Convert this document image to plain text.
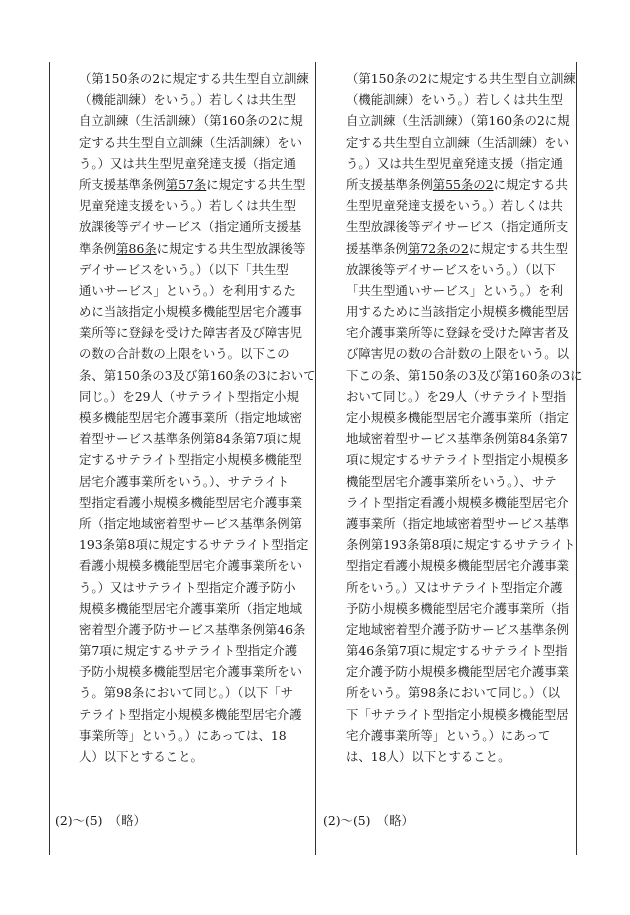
（第150条の2に規定する共生型自立訓練
（機能訓練）をいう。）若しくは共生型
自立訓練（生活訓練）（第160条の2に規
定する共生型自立訓練（生活訓練）をい
う。）又は共生型児童発達支援（指定通
所支援基準条例第57条に規定する共生型
児童発達支援をいう。）若しくは共生型
放課後等デイサービス（指定通所支援基
準条例第86条に規定する共生型放課後等
デイサービスをいう。）（以下「共生型
通いサービス」という。）を利用するた
めに当該指定小規模多機能型居宅介護事
業所等に登録を受けた障害者及び障害児
の数の合計数の上限をいう。以下この
条、第150条の3及び第160条の3において
同じ。）を29人（サテライト型指定小規
模多機能型居宅介護事業所（指定地域密
着型サービス基準条例第84条第7項に規
定するサテライト型指定小規模多機能型
居宅介護事業所をいう。）、サテライト
型指定看護小規模多機能型居宅介護事業
所（指定地域密着型サービス基準条例第
193条第8項に規定するサテライト型指定
看護小規模多機能型居宅介護事業所をい
う。）又はサテライト型指定介護予防小
規模多機能型居宅介護事業所（指定地域
密着型介護予防サービス基準条例第46条
第7項に規定するサテライト型指定介護
予防小規模多機能型居宅介護事業所をい
う。第98条において同じ。）（以下「サ
テライト型指定小規模多機能型居宅介護
事業所等」という。）にあっては、18
人）以下とすること。
（第150条の2に規定する共生型自立訓練
（機能訓練）をいう。）若しくは共生型
自立訓練（生活訓練）（第160条の2に規
定する共生型自立訓練（生活訓練）をい
う。）又は共生型児童発達支援（指定通
所支援基準条例第55条の2に規定する共
生型児童発達支援をいう。）若しくは共
生型放課後等デイサービス（指定通所支
援基準条例第72条の2に規定する共生型
放課後等デイサービスをいう。）（以下
「共生型通いサービス」という。）を利
用するために当該指定小規模多機能型居
宅介護事業所等に登録を受けた障害者及
び障害児の数の合計数の上限をいう。以
下この条、第150条の3及び第160条の3に
おいて同じ。）を29人（サテライト型指
定小規模多機能型居宅介護事業所（指定
地域密着型サービス基準条例第84条第7
項に規定するサテライト型指定小規模多
機能型居宅介護事業所をいう。）、サテ
ライト型指定看護小規模多機能型居宅介
護事業所（指定地域密着型サービス基準
条例第193条第8項に規定するサテライト
型指定看護小規模多機能型居宅介護事業
所をいう。）又はサテライト型指定介護
予防小規模多機能型居宅介護事業所（指
定地域密着型介護予防サービス基準条例
第46条第7項に規定するサテライト型指
定介護予防小規模多機能型居宅介護事業
所をいう。第98条において同じ。）（以
下「サテライト型指定小規模多機能型居
宅介護事業所等」という。）にあって
は、18人）以下とすること。
(2)〜(5)　（略）	(2)〜(5)　（略）
